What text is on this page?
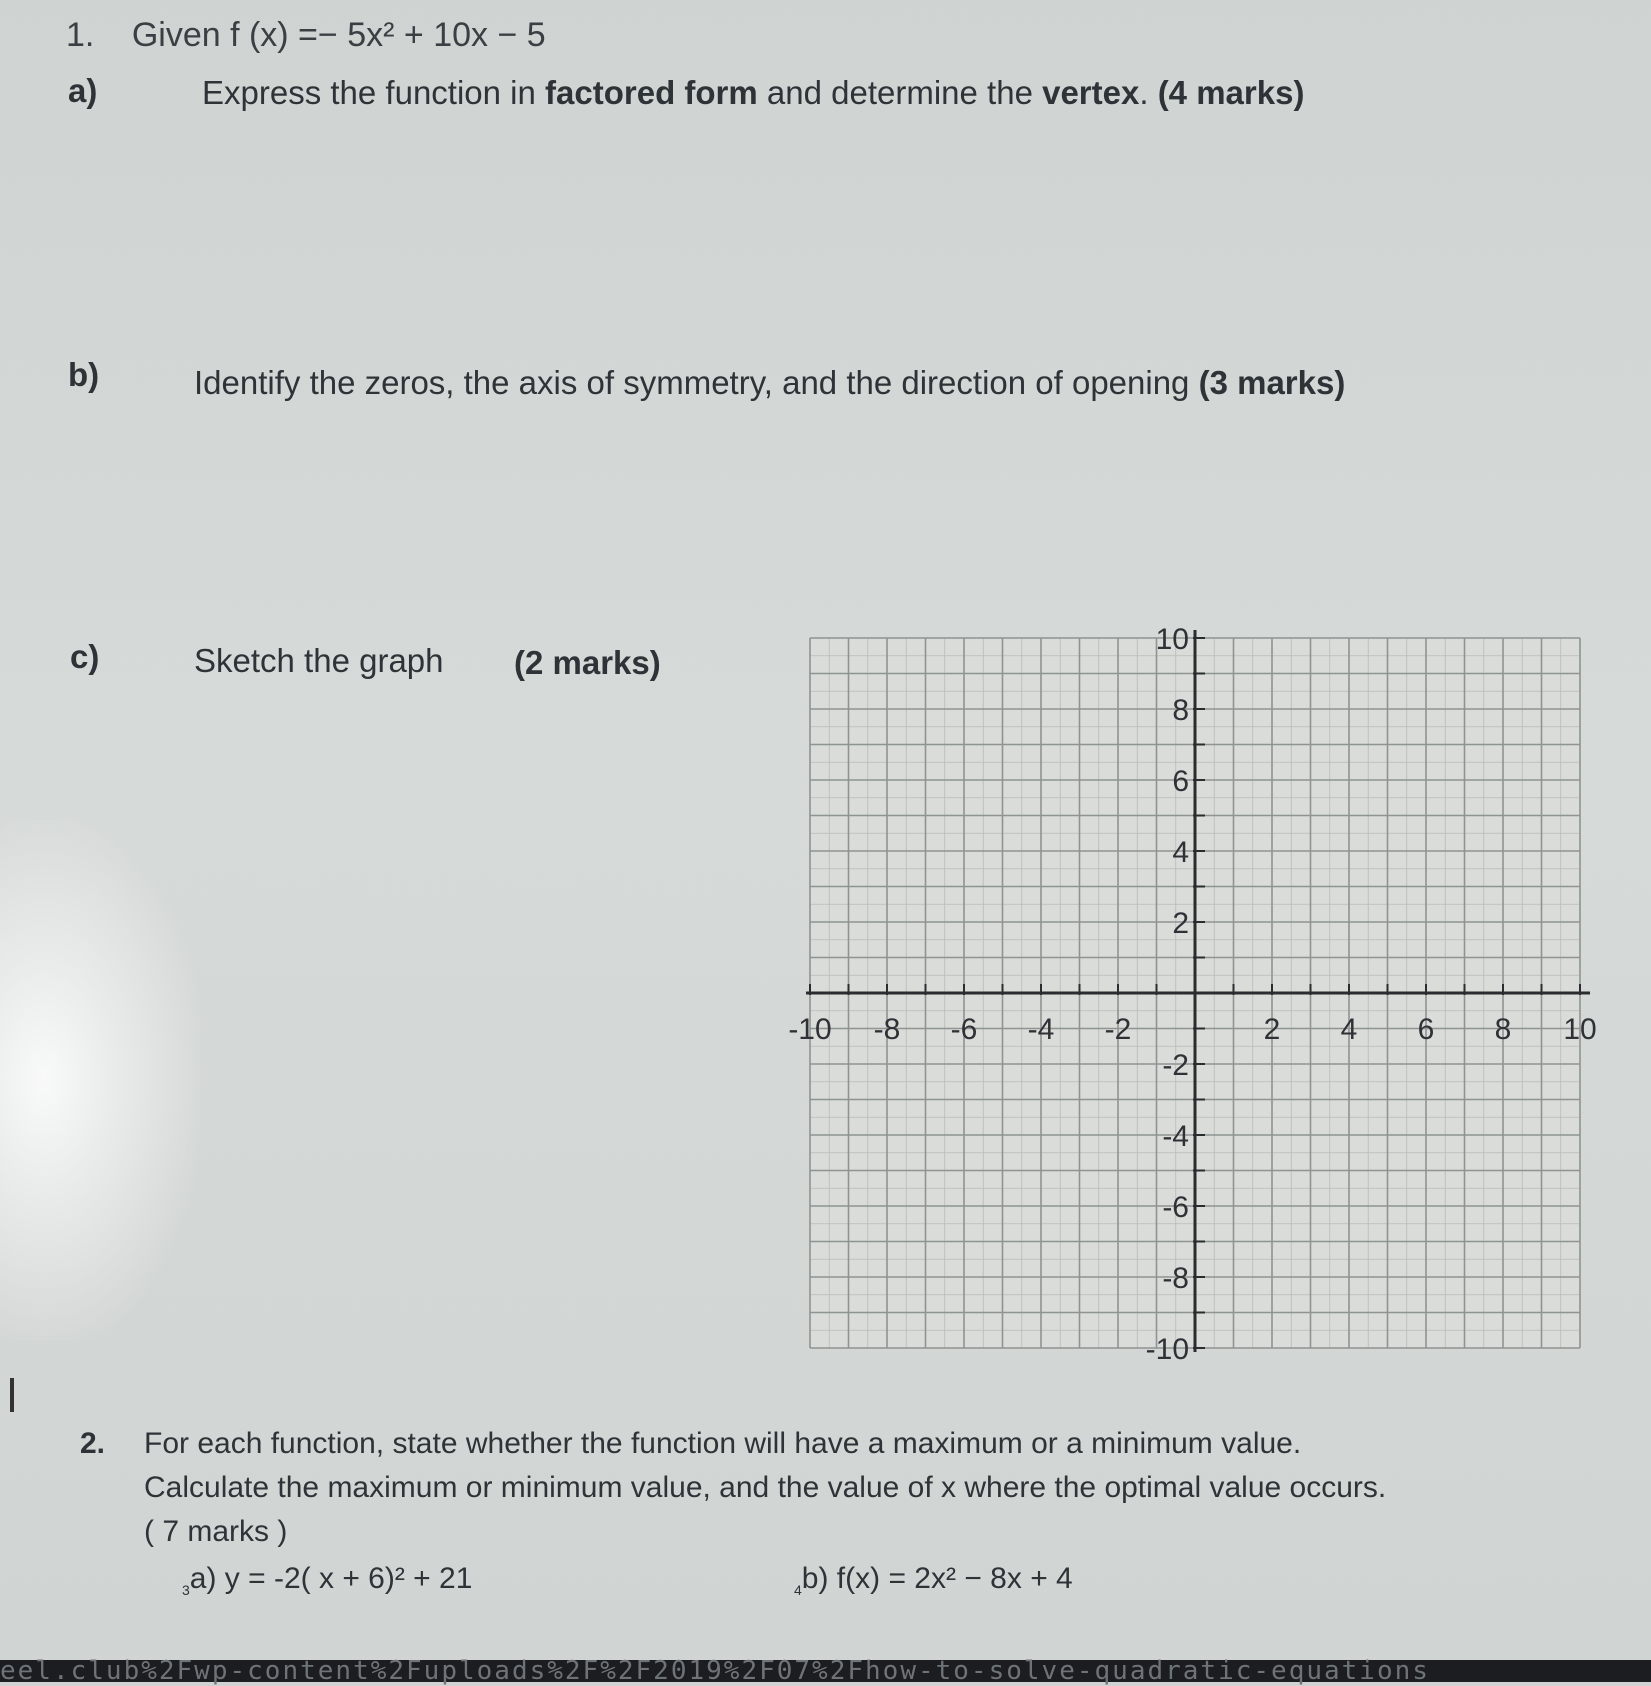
1. Given f (x) =− 5x² + 10x − 5
a)	Express the function in factored form and determine the vertex. (4 marks)
b)	Identify the zeros, the axis of symmetry, and the direction of opening (3 marks)
c)	Sketch the graph (2 marks)
-10 -8 -6 -4 -2	2 4 6 8 10
10
8
6
4
2
-2
-4
-6
-8
-10
2. For each function, state whether the function will have a maximum or a minimum value.
Calculate the maximum or minimum value, and the value of x where the optimal value occurs.
( 7 marks )
$_3$a) y = -2( x + 6)² + 21	$_4$b) f(x) = 2x² − 8x + 4
eel.club%2Fwp-content%2Fuploads%2F%2F2019%2F07%2Fhow-to-solve-quadratic-equations
